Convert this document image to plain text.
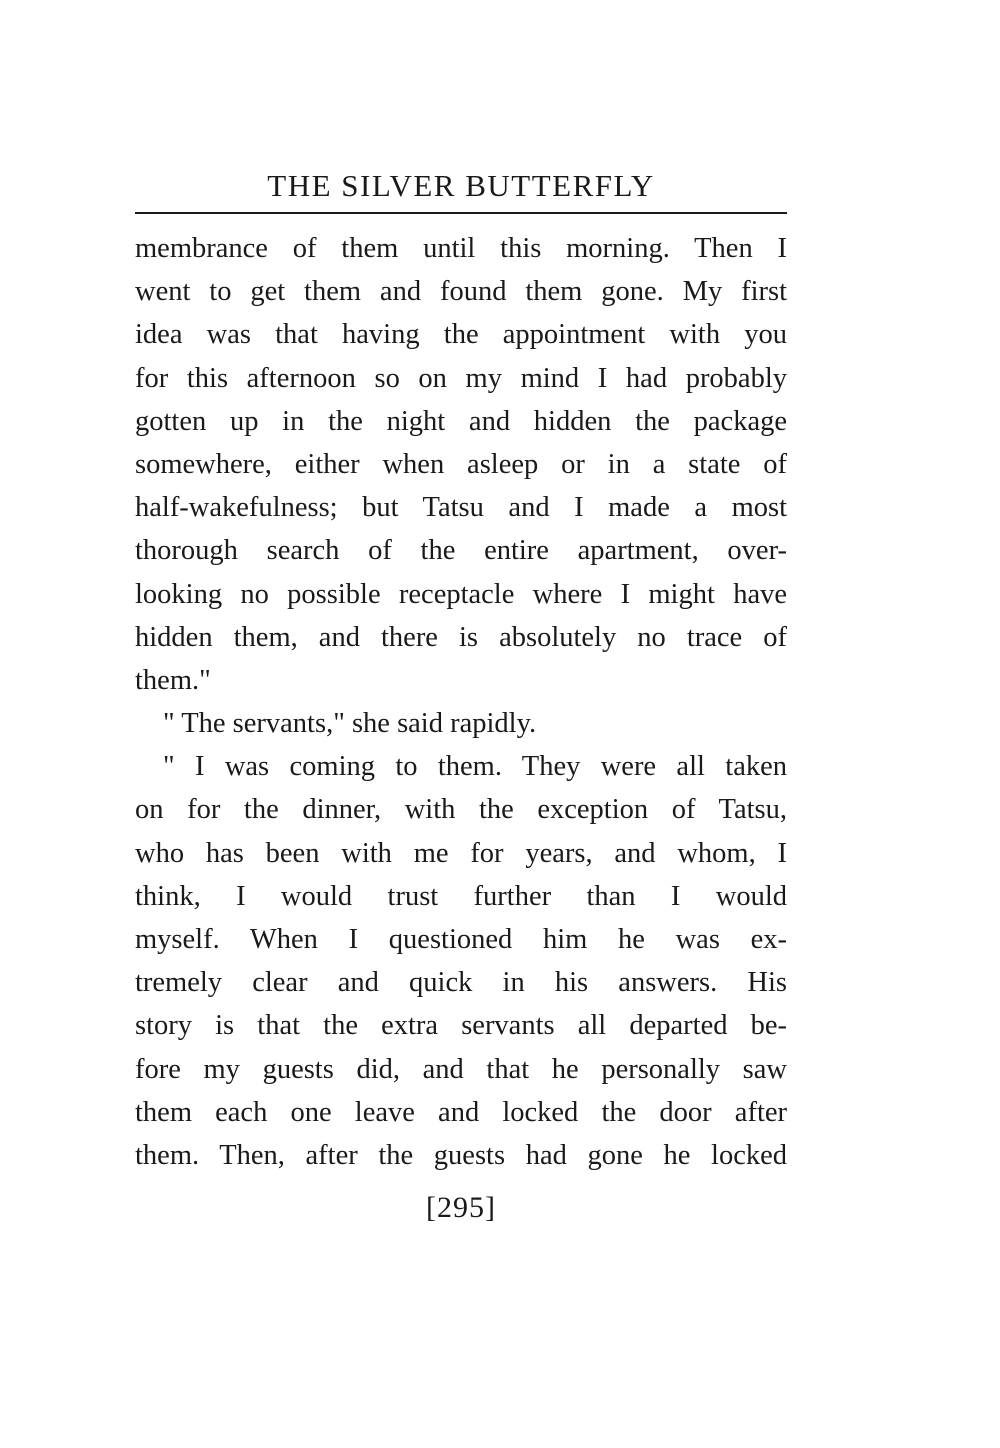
THE SILVER BUTTERFLY
membrance of them until this morning. Then I
went to get them and found them gone. My first
idea was that having the appointment with you
for this afternoon so on my mind I had probably
gotten up in the night and hidden the package
somewhere, either when asleep or in a state of
half-wakefulness; but Tatsu and I made a most
thorough search of the entire apartment, over-
looking no possible receptacle where I might have
hidden them, and there is absolutely no trace of
them."
" The servants," she said rapidly.
" I was coming to them. They were all taken
on for the dinner, with the exception of Tatsu,
who has been with me for years, and whom, I
think, I would trust further than I would
myself. When I questioned him he was ex-
tremely clear and quick in his answers. His
story is that the extra servants all departed be-
fore my guests did, and that he personally saw
them each one leave and locked the door after
them. Then, after the guests had gone he locked
[295]
